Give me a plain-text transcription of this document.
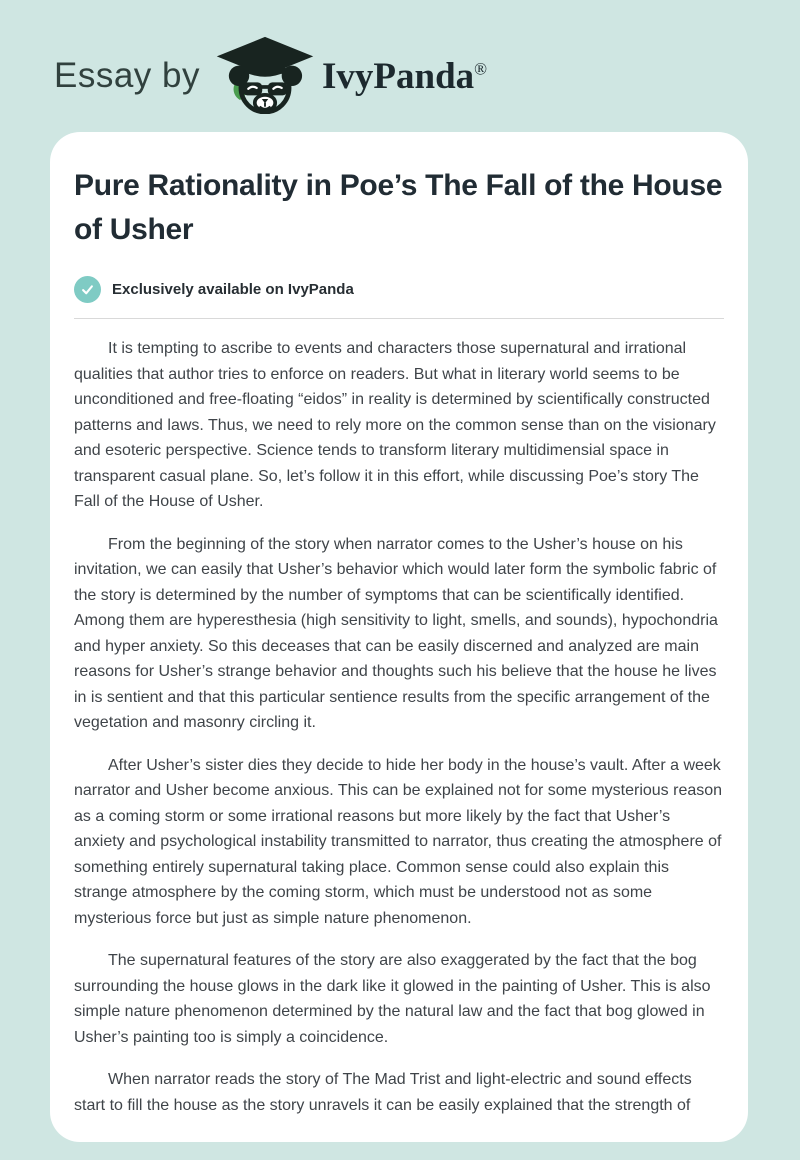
Essay by	IvyPanda®
Pure Rationality in Poe’s The Fall of the House of Usher
Exclusively available on IvyPanda

It is tempting to ascribe to events and characters those supernatural and irrational qualities that author tries to enforce on readers. But what in literary world seems to be unconditioned and free-floating “eidos” in reality is determined by scientifically constructed patterns and laws. Thus, we need to rely more on the common sense than on the visionary and esoteric perspective. Science tends to transform literary multidimensial space in transparent casual plane. So, let’s follow it in this effort, while discussing Poe’s story The Fall of the House of Usher.

From the beginning of the story when narrator comes to the Usher’s house on his invitation, we can easily that Usher’s behavior which would later form the symbolic fabric of the story is determined by the number of symptoms that can be scientifically identified. Among them are hyperesthesia (high sensitivity to light, smells, and sounds), hypochondria and hyper anxiety. So this deceases that can be easily discerned and analyzed are main reasons for Usher’s strange behavior and thoughts such his believe that the house he lives in is sentient and that this particular sentience results from the specific arrangement of the vegetation and masonry circling it.

After Usher’s sister dies they decide to hide her body in the house’s vault. After a week narrator and Usher become anxious. This can be explained not for some mysterious reason as a coming storm or some irrational reasons but more likely by the fact that Usher’s anxiety and psychological instability transmitted to narrator, thus creating the atmosphere of something entirely supernatural taking place. Common sense could also explain this strange atmosphere by the coming storm, which must be understood not as some mysterious force but just as simple nature phenomenon.

The supernatural features of the story are also exaggerated by the fact that the bog surrounding the house glows in the dark like it glowed in the painting of Usher. This is also simple nature phenomenon determined by the natural law and the fact that bog glowed in Usher’s painting too is simply a coincidence.

When narrator reads the story of The Mad Trist and light-electric and sound effects start to fill the house as the story unravels it can be easily explained that the strength of
